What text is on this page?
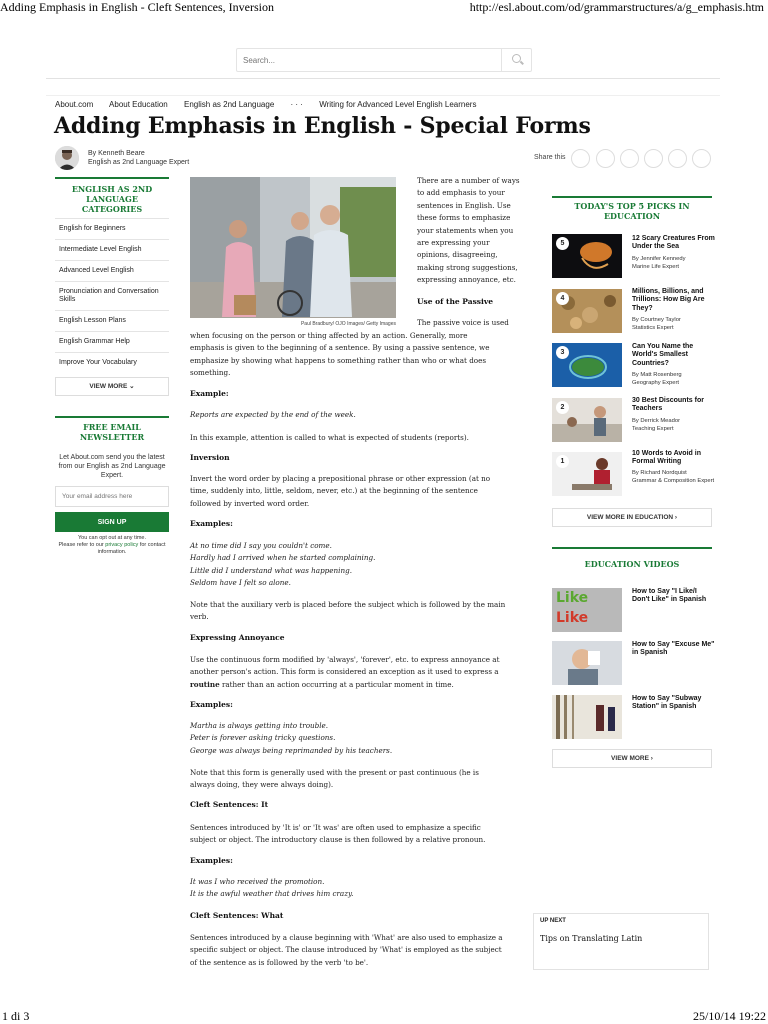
Adding Emphasis in English - Cleft Sentences, Inversion	http://esl.about.com/od/grammarstructures/a/g_emphasis.htm
1 di 3	25/10/14 19:22
Search...
About.com About Education English as 2nd Language · · · Writing for Advanced Level English Learners
Adding Emphasis in English - Special Forms
By Kenneth Beare
English as 2nd Language Expert
Share this
ENGLISH AS 2ND LANGUAGE CATEGORIES
English for Beginners
Intermediate Level English
Advanced Level English
Pronunciation and Conversation Skills
English Lesson Plans
English Grammar Help
Improve Your Vocabulary
VIEW MORE ⌄
FREE EMAIL NEWSLETTER
Let About.com send you the latest from our English as 2nd Language Expert.
Your email address here
SIGN UP
You can opt out at any time.
Please refer to our privacy policy for contact information.
Paul Bradbury/ OJO Images/ Getty Images
There are a number of ways
to add emphasis to your
sentences in English. Use
these forms to emphasize
your statements when you
are expressing your
opinions, disagreeing,
making strong suggestions,
expressing annoyance, etc.
Use of the Passive
The passive voice is used
when focusing on the person or thing affected by an action. Generally, more
emphasis is given to the beginning of a sentence. By using a passive sentence, we
emphasize by showing what happens to something rather than who or what does
something.
Example:
Reports are expected by the end of the week.
In this example, attention is called to what is expected of students (reports).
Inversion
Invert the word order by placing a prepositional phrase or other expression (at no
time, suddenly into, little, seldom, never, etc.) at the beginning of the sentence
followed by inverted word order.
Examples:
At no time did I say you couldn't come.
Hardly had I arrived when he started complaining.
Little did I understand what was happening.
Seldom have I felt so alone.
Note that the auxiliary verb is placed before the subject which is followed by the main
verb.
Expressing Annoyance
Use the continuous form modified by 'always', 'forever', etc. to express annoyance at
another person's action. This form is considered an exception as it used to express a
routine rather than an action occurring at a particular moment in time.
Examples:
Martha is always getting into trouble.
Peter is forever asking tricky questions.
George was always being reprimanded by his teachers.
Note that this form is generally used with the present or past continuous (he is
always doing, they were always doing).
Cleft Sentences: It
Sentences introduced by 'It is' or 'It was' are often used to emphasize a specific
subject or object. The introductory clause is then followed by a relative pronoun.
Examples:
It was I who received the promotion.
It is the awful weather that drives him crazy.
Cleft Sentences: What
Sentences introduced by a clause beginning with 'What' are also used to emphasize a
specific subject or object. The clause introduced by 'What' is employed as the subject
of the sentence as is followed by the verb 'to be'.
TODAY'S TOP 5 PICKS IN EDUCATION
5
12 Scary Creatures From Under the Sea
By Jennifer Kennedy
Marine Life Expert
4
Millions, Billions, and Trillions: How Big Are They?
By Courtney Taylor
Statistics Expert
3
Can You Name the World's Smallest Countries?
By Matt Rosenberg
Geography Expert
2
30 Best Discounts for Teachers
By Derrick Meador
Teaching Expert
1
10 Words to Avoid in Formal Writing
By Richard Nordquist
Grammar & Composition Expert
VIEW MORE IN EDUCATION ›
EDUCATION VIDEOS
Like
Like
How to Say "I Like/I Don't Like" in Spanish
How to Say "Excuse Me" in Spanish
How to Say "Subway Station" in Spanish
VIEW MORE ›
UP NEXT
Tips on Translating Latin
